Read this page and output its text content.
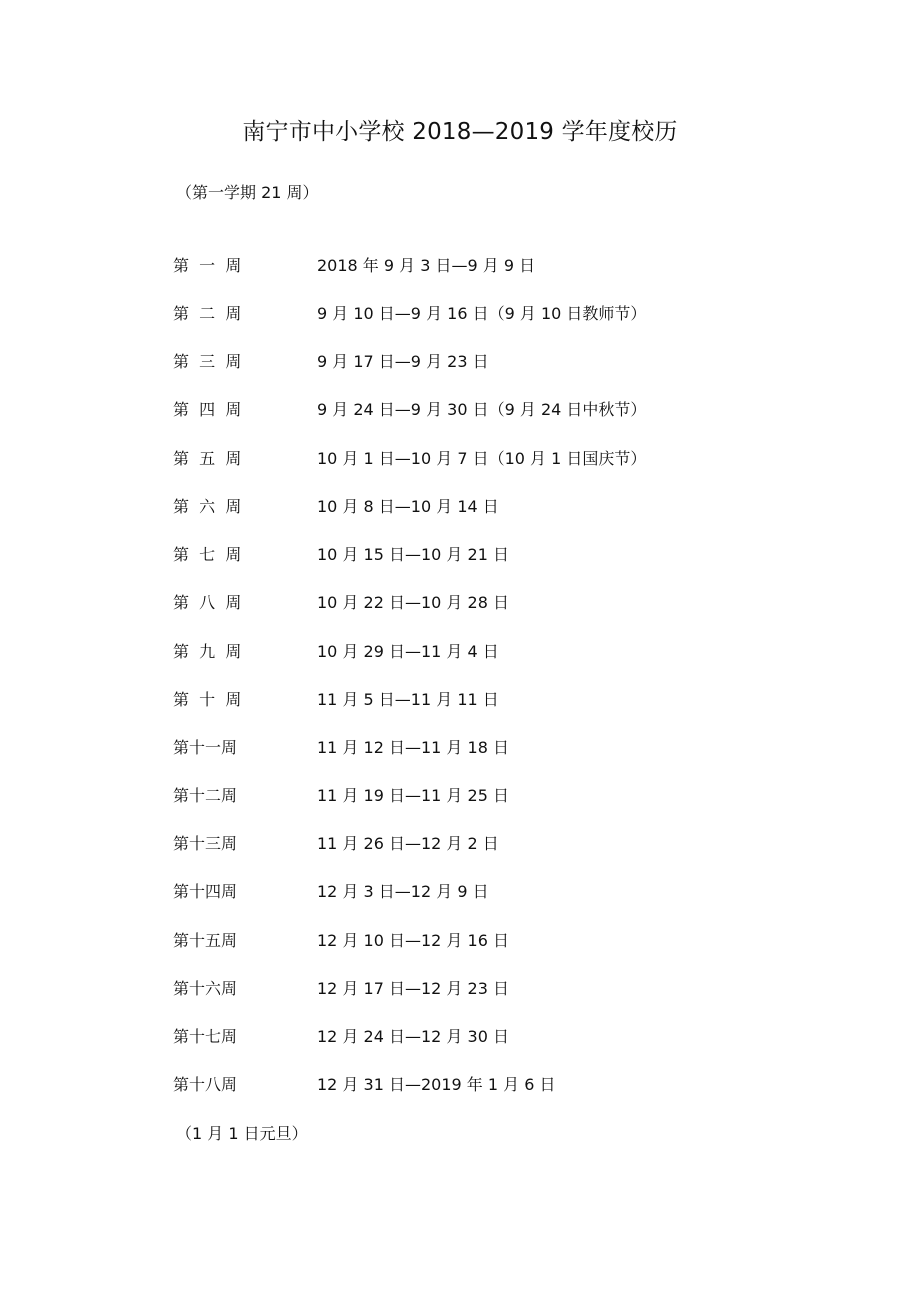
南宁市中小学校 2018—2019 学年度校历
（第一学期 21 周）
第  一  周	2018 年 9 月 3 日—9 月 9 日
第  二  周	9 月 10 日—9 月 16 日（9 月 10 日教师节）
第  三  周	9 月 17 日—9 月 23 日
第  四  周	9 月 24 日—9 月 30 日（9 月 24 日中秋节）
第  五  周	10 月 1 日—10 月 7 日（10 月 1 日国庆节）
第  六  周	10 月 8 日—10 月 14 日
第  七  周	10 月 15 日—10 月 21 日
第  八  周	10 月 22 日—10 月 28 日
第  九  周	10 月 29 日—11 月 4 日
第  十  周	11 月 5 日—11 月 11 日
第十一周	11 月 12 日—11 月 18 日
第十二周	11 月 19 日—11 月 25 日
第十三周	11 月 26 日—12 月 2 日
第十四周	12 月 3 日—12 月 9 日
第十五周	12 月 10 日—12 月 16 日
第十六周	12 月 17 日—12 月 23 日
第十七周	12 月 24 日—12 月 30 日
第十八周	12 月 31 日—2019 年 1 月 6 日
（1 月 1 日元旦）
